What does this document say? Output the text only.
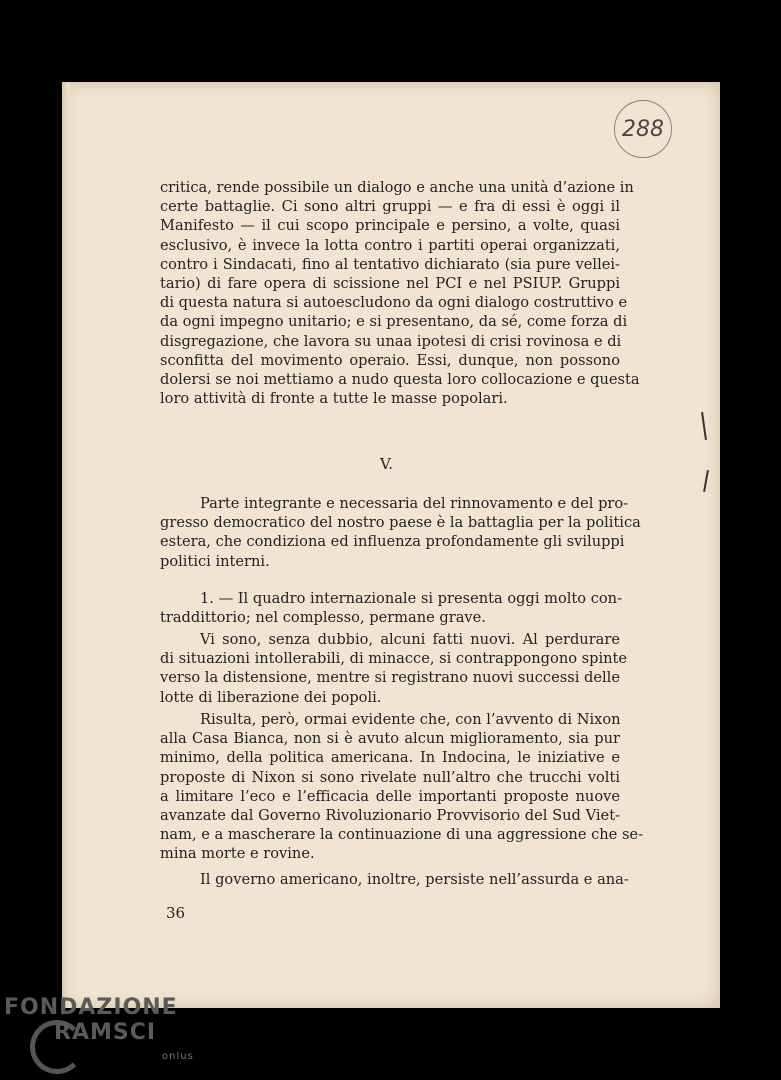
288
critica, rende possibile un dialogo e anche una unità d’azione in
certe battaglie. Ci sono altri gruppi — e fra di essi è oggi il
Manifesto — il cui scopo principale e persino, a volte, quasi
esclusivo, è invece la lotta contro i partiti operai organizzati,
contro i Sindacati, fino al tentativo dichiarato (sia pure vellei-
tario) di fare opera di scissione nel PCI e nel PSIUP. Gruppi
di questa natura si autoescludono da ogni dialogo costruttivo e
da ogni impegno unitario; e si presentano, da sé, come forza di
disgregazione, che lavora su unaa ipotesi di crisi rovinosa e di
sconfitta del movimento operaio. Essi, dunque, non possono
dolersi se noi mettiamo a nudo questa loro collocazione e questa
loro attività di fronte a tutte le masse popolari.
V.
Parte integrante e necessaria del rinnovamento e del pro-
gresso democratico del nostro paese è la battaglia per la politica
estera, che condiziona ed influenza profondamente gli sviluppi
politici interni.
1. — Il quadro internazionale si presenta oggi molto con-
traddittorio; nel complesso, permane grave.
Vi sono, senza dubbio, alcuni fatti nuovi. Al perdurare
di situazioni intollerabili, di minacce, si contrappongono spinte
verso la distensione, mentre si registrano nuovi successi delle
lotte di liberazione dei popoli.
Risulta, però, ormai evidente che, con l’avvento di Nixon
alla Casa Bianca, non si è avuto alcun miglioramento, sia pur
minimo, della politica americana. In Indocina, le iniziative e
proposte di Nixon si sono rivelate null’altro che trucchi volti
a limitare l’eco e l’efficacia delle importanti proposte nuove
avanzate dal Governo Rivoluzionario Provvisorio del Sud Viet-
nam, e a mascherare la continuazione di una aggressione che se-
mina morte e rovine.
Il governo americano, inoltre, persiste nell’assurda e ana-
36
FONDAZIONE
RAMSCI
onlus
